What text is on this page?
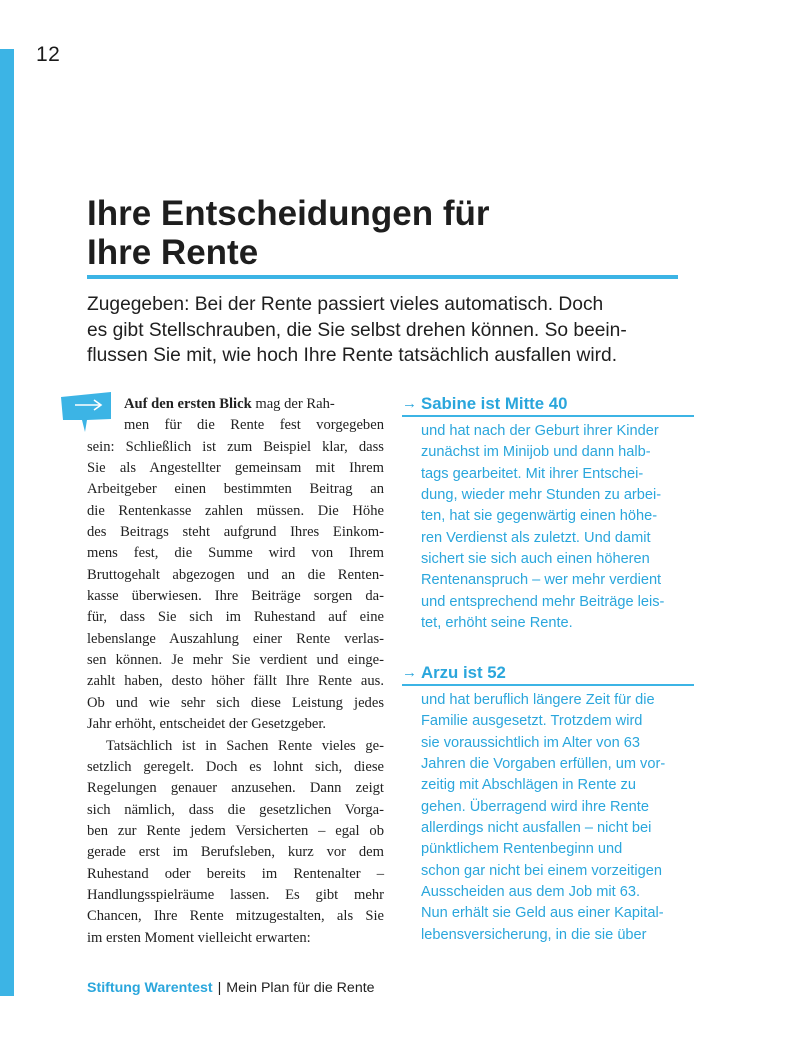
12
Ihre Entscheidungen für
Ihre Rente
Zugegeben: Bei der Rente passiert vieles automatisch. Doch
es gibt Stellschrauben, die Sie selbst drehen können. So beein-
flussen Sie mit, wie hoch Ihre Rente tatsächlich ausfallen wird.
Auf den ersten Blick mag der Rah-
men für die Rente fest vorgegeben
sein: Schließlich ist zum Beispiel klar, dass
Sie als Angestellter gemeinsam mit Ihrem
Arbeitgeber einen bestimmten Beitrag an
die Rentenkasse zahlen müssen. Die Höhe
des Beitrags steht aufgrund Ihres Einkom-
mens fest, die Summe wird von Ihrem
Bruttogehalt abgezogen und an die Renten-
kasse überwiesen. Ihre Beiträge sorgen da-
für, dass Sie sich im Ruhestand auf eine
lebenslange Auszahlung einer Rente verlas-
sen können. Je mehr Sie verdient und einge-
zahlt haben, desto höher fällt Ihre Rente aus.
Ob und wie sehr sich diese Leistung jedes
Jahr erhöht, entscheidet der Gesetzgeber.
Tatsächlich ist in Sachen Rente vieles ge-
setzlich geregelt. Doch es lohnt sich, diese
Regelungen genauer anzusehen. Dann zeigt
sich nämlich, dass die gesetzlichen Vorga-
ben zur Rente jedem Versicherten – egal ob
gerade erst im Berufsleben, kurz vor dem
Ruhestand oder bereits im Rentenalter –
Handlungsspielräume lassen. Es gibt mehr
Chancen, Ihre Rente mitzugestalten, als Sie
im ersten Moment vielleicht erwarten:
→ Sabine ist Mitte 40
und hat nach der Geburt ihrer Kinder
zunächst im Minijob und dann halb-
tags gearbeitet. Mit ihrer Entschei-
dung, wieder mehr Stunden zu arbei-
ten, hat sie gegenwärtig einen höhe-
ren Verdienst als zuletzt. Und damit
sichert sie sich auch einen höheren
Rentenanspruch – wer mehr verdient
und entsprechend mehr Beiträge leis-
tet, erhöht seine Rente.
→ Arzu ist 52
und hat beruflich längere Zeit für die
Familie ausgesetzt. Trotzdem wird
sie voraussichtlich im Alter von 63
Jahren die Vorgaben erfüllen, um vor-
zeitig mit Abschlägen in Rente zu
gehen. Überragend wird ihre Rente
allerdings nicht ausfallen – nicht bei
pünktlichem Rentenbeginn und
schon gar nicht bei einem vorzeitigen
Ausscheiden aus dem Job mit 63.
Nun erhält sie Geld aus einer Kapital-
lebensversicherung, in die sie über
Stiftung Warentest | Mein Plan für die Rente
